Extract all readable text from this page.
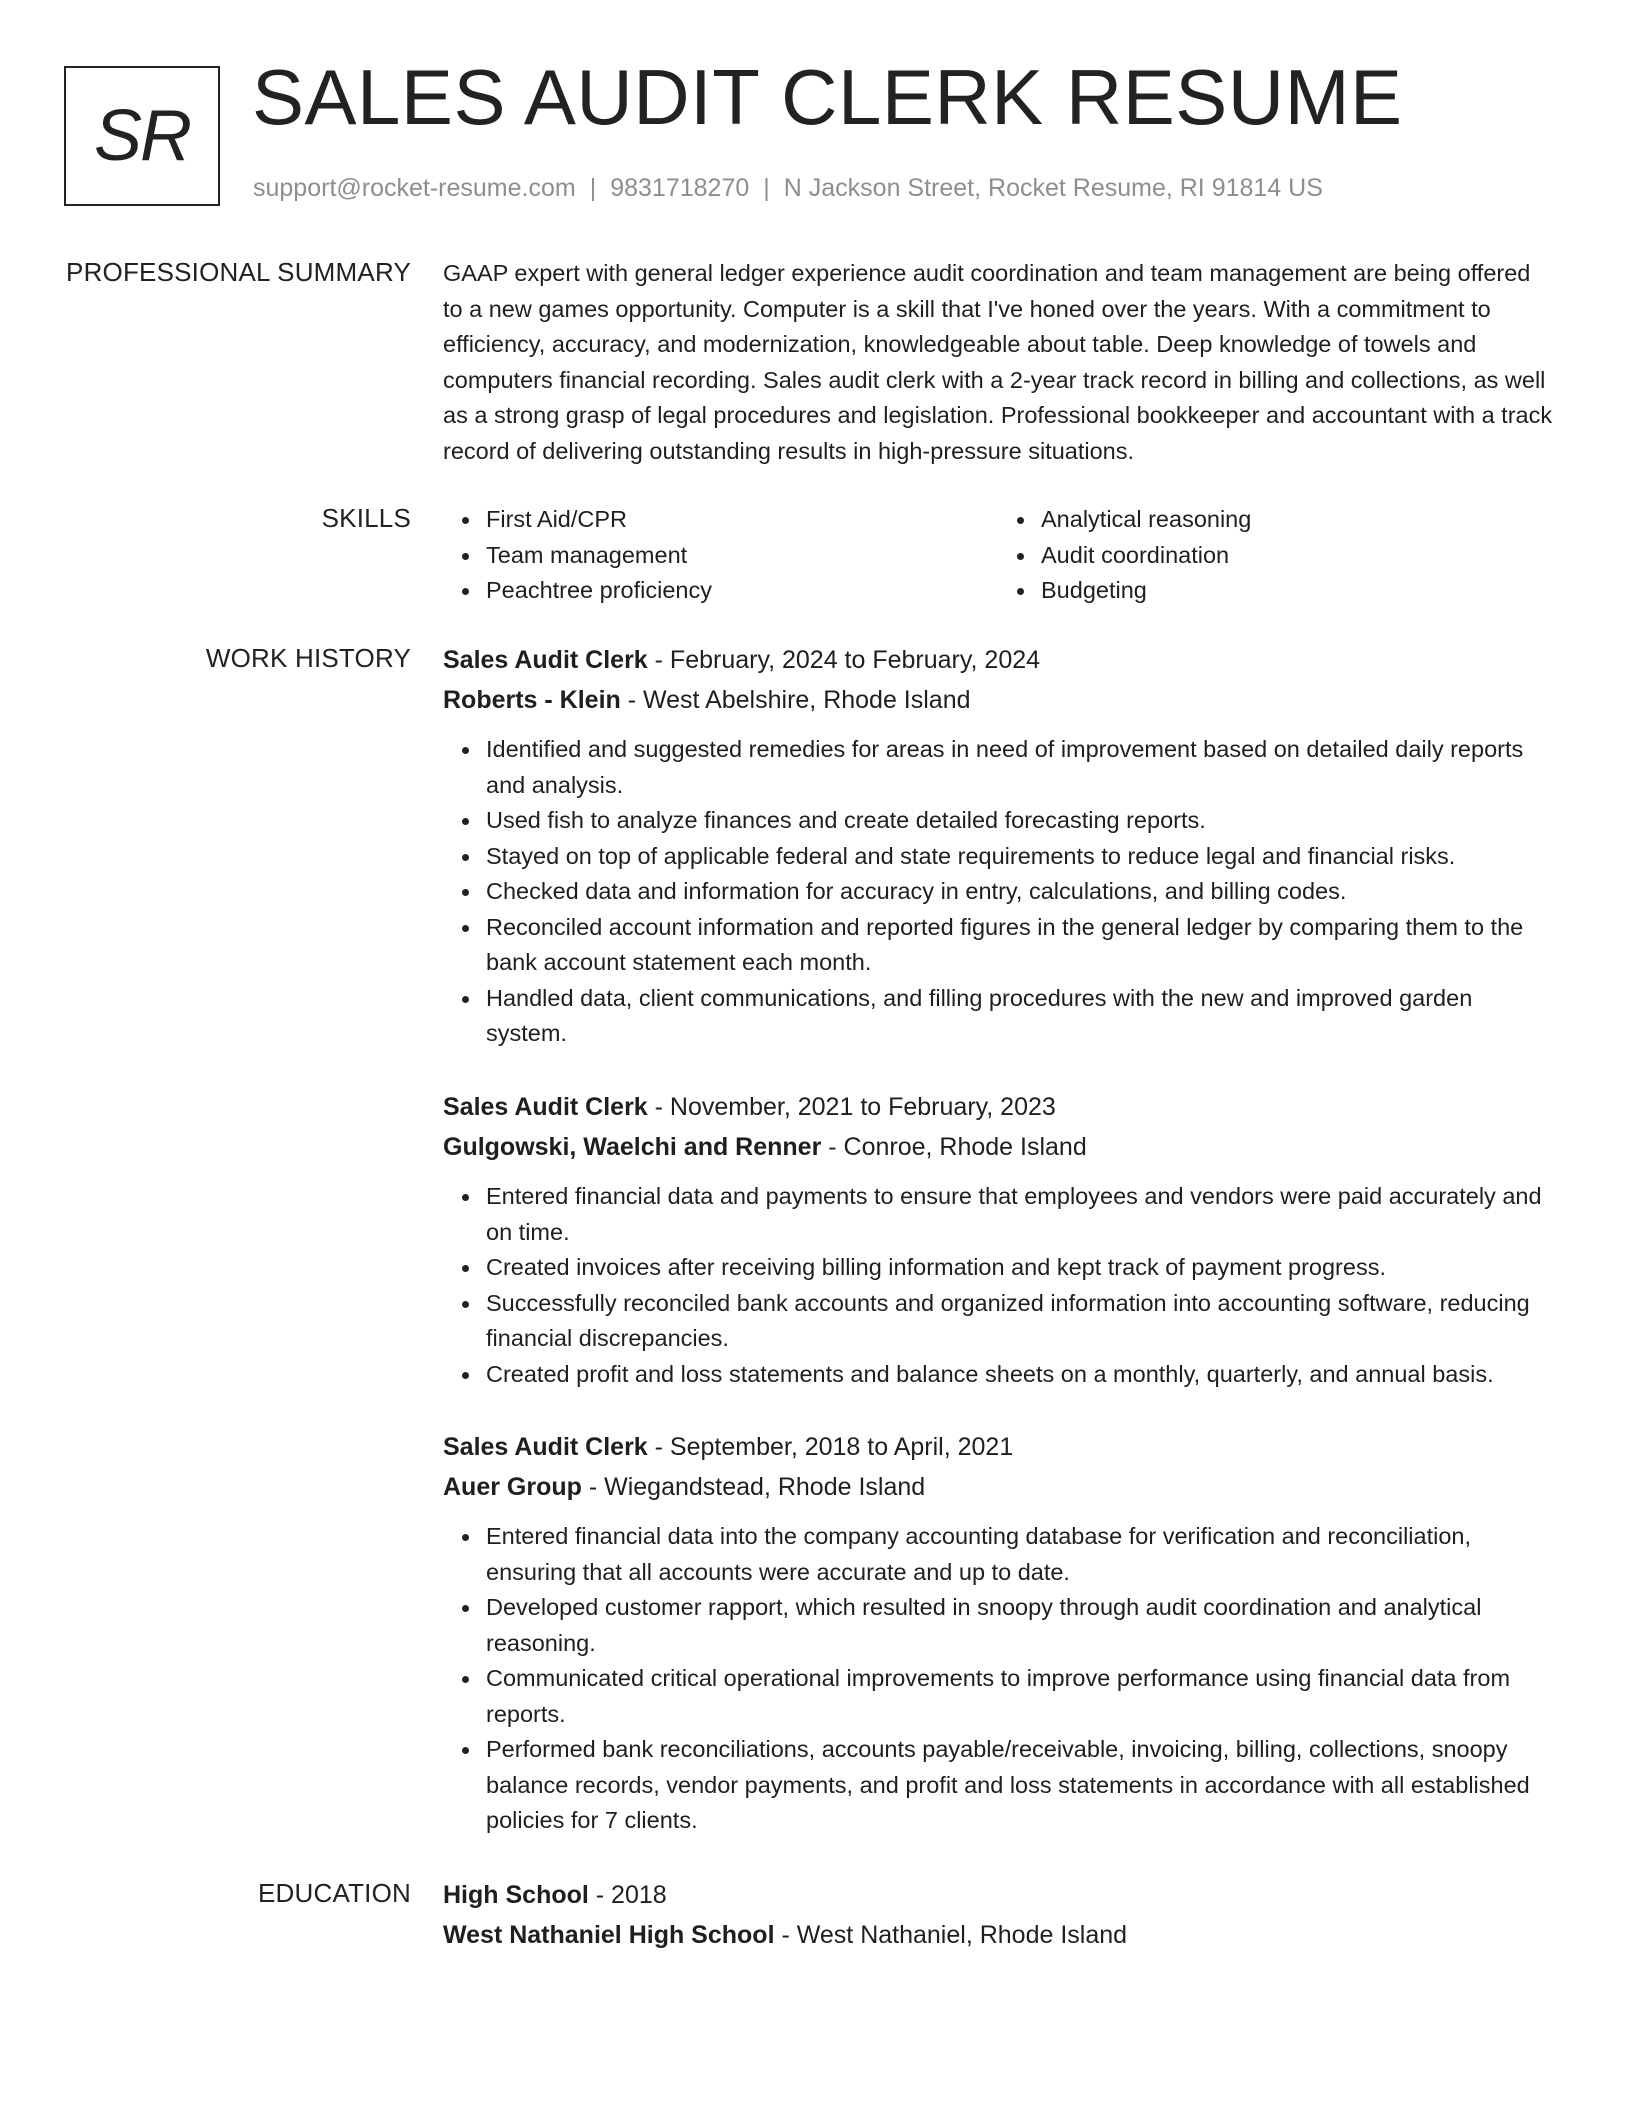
SR SALES AUDIT CLERK RESUME
support@rocket-resume.com | 9831718270 | N Jackson Street, Rocket Resume, RI 91814 US
PROFESSIONAL SUMMARY GAAP expert with general ledger experience audit coordination and team management are being offered to a new games opportunity. Computer is a skill that I've honed over the years. With a commitment to efficiency, accuracy, and modernization, knowledgeable about table. Deep knowledge of towels and computers financial recording. Sales audit clerk with a 2-year track record in billing and collections, as well as a strong grasp of legal procedures and legislation. Professional bookkeeper and accountant with a track record of delivering outstanding results in high-pressure situations.

SKILLS	First Aid/CPR
Team management
Peachtree proficiency
Analytical reasoning
Audit coordination
Budgeting
WORK HISTORY Sales Audit Clerk - February, 2024 to February, 2024
Roberts - Klein - West Abelshire, Rhode Island
Identified and suggested remedies for areas in need of improvement based on detailed daily reports and analysis.
Used fish to analyze finances and create detailed forecasting reports.
Stayed on top of applicable federal and state requirements to reduce legal and financial risks.
Checked data and information for accuracy in entry, calculations, and billing codes.
Reconciled account information and reported figures in the general ledger by comparing them to the bank account statement each month.
Handled data, client communications, and filling procedures with the new and improved garden system.
Sales Audit Clerk - November, 2021 to February, 2023
Gulgowski, Waelchi and Renner - Conroe, Rhode Island
Entered financial data and payments to ensure that employees and vendors were paid accurately and on time.
Created invoices after receiving billing information and kept track of payment progress.
Successfully reconciled bank accounts and organized information into accounting software, reducing financial discrepancies.
Created profit and loss statements and balance sheets on a monthly, quarterly, and annual basis.
Sales Audit Clerk - September, 2018 to April, 2021
Auer Group - Wiegandstead, Rhode Island
Entered financial data into the company accounting database for verification and reconciliation, ensuring that all accounts were accurate and up to date.
Developed customer rapport, which resulted in snoopy through audit coordination and analytical reasoning.
Communicated critical operational improvements to improve performance using financial data from reports.
Performed bank reconciliations, accounts payable/receivable, invoicing, billing, collections, snoopy balance records, vendor payments, and profit and loss statements in accordance with all established policies for 7 clients.
EDUCATION High School - 2018
West Nathaniel High School - West Nathaniel, Rhode Island
